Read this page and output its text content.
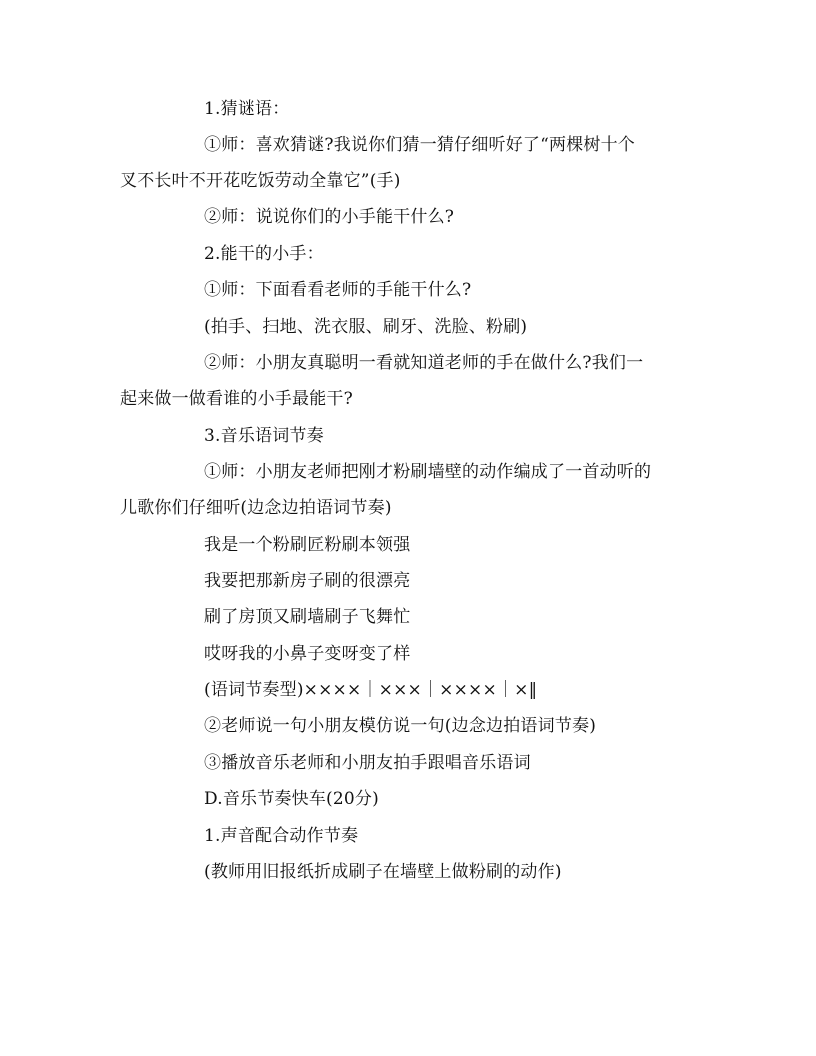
1.猜谜语：
①师：喜欢猜谜?我说你们猜一猜仔细听好了“两棵树十个
叉不长叶不开花吃饭劳动全靠它”(手)
②师：说说你们的小手能干什么?
2.能干的小手：
①师：下面看看老师的手能干什么?
(拍手、扫地、洗衣服、刷牙、洗脸、粉刷)
②师：小朋友真聪明一看就知道老师的手在做什么?我们一
起来做一做看谁的小手最能干?
3.音乐语词节奏
①师：小朋友老师把刚才粉刷墙壁的动作编成了一首动听的
儿歌你们仔细听(边念边拍语词节奏)
我是一个粉刷匠粉刷本领强
我要把那新房子刷的很漂亮
刷了房顶又刷墙刷子飞舞忙
哎呀我的小鼻子变呀变了样
(语词节奏型)××××｜×××｜××××｜×‖
②老师说一句小朋友模仿说一句(边念边拍语词节奏)
③播放音乐老师和小朋友拍手跟唱音乐语词
D.音乐节奏快车(20分)
1.声音配合动作节奏
(教师用旧报纸折成刷子在墙壁上做粉刷的动作)
